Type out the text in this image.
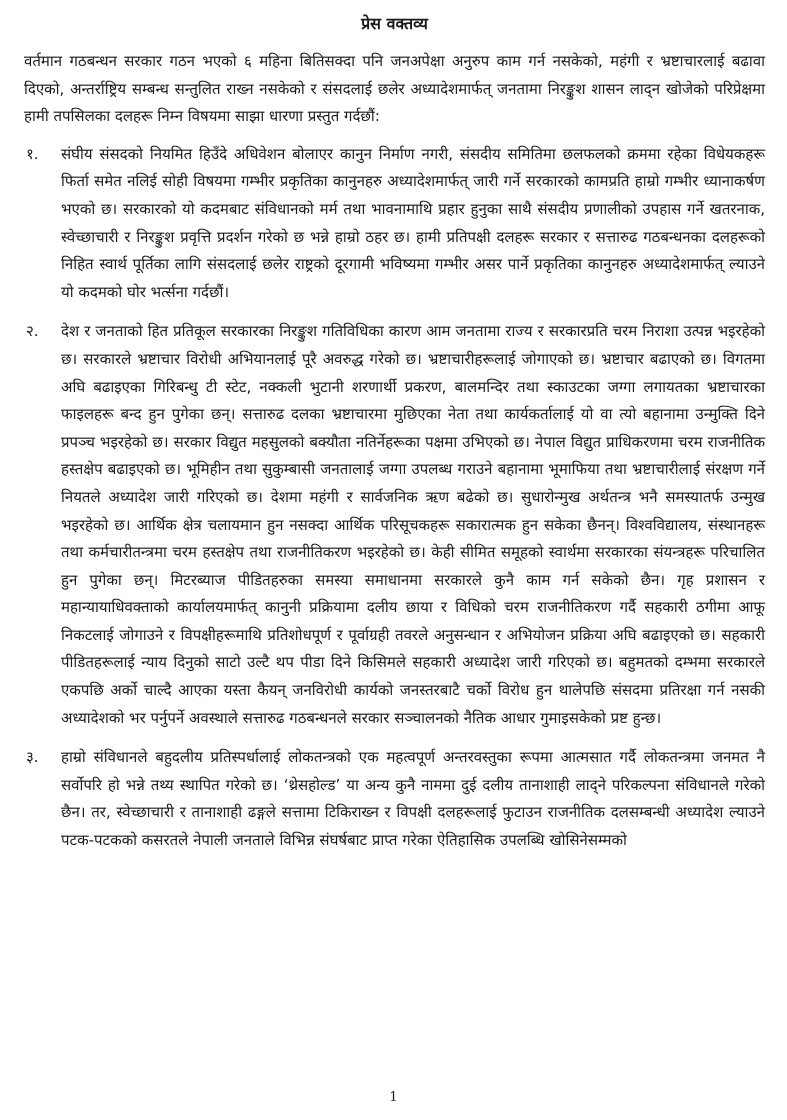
प्रेस वक्तव्य
वर्तमान गठबन्धन सरकार गठन भएको ६ महिना बितिसक्दा पनि जनअपेक्षा अनुरुप काम गर्न नसकेको, महंगी र भ्रष्टाचारलाई बढावा दिएको, अन्तर्राष्ट्रिय सम्बन्ध सन्तुलित राख्न नसकेको र संसदलाई छलेर अध्यादेशमार्फत् जनतामा निरङ्कुश शासन लाद्न खोजेको परिप्रेक्षमा हामी तपसिलका दलहरू निम्न विषयमा साझा धारणा प्रस्तुत गर्दछौं:
१.	संघीय संसदको नियमित हिउँदे अधिवेशन बोलाएर कानुन निर्माण नगरी, संसदीय समितिमा छलफलको क्रममा रहेका विधेयकहरू फिर्ता समेत नलिई सोही विषयमा गम्भीर प्रकृतिका कानुनहरु अध्यादेशमार्फत् जारी गर्ने सरकारको कामप्रति हाम्रो गम्भीर ध्यानाकर्षण भएको छ। सरकारको यो कदमबाट संविधानको मर्म तथा भावनामाथि प्रहार हुनुका साथै संसदीय प्रणालीको उपहास गर्ने खतरनाक, स्वेच्छाचारी र निरङ्कुश प्रवृत्ति प्रदर्शन गरेको छ भन्ने हाम्रो ठहर छ। हामी प्रतिपक्षी दलहरू सरकार र सत्तारुढ गठबन्धनका दलहरूको निहित स्वार्थ पूर्तिका लागि संसदलाई छलेर राष्ट्रको दूरगामी भविष्यमा गम्भीर असर पार्ने प्रकृतिका कानुनहरु अध्यादेशमार्फत् ल्याउने यो कदमको घोर भर्त्सना गर्दछौं।
२.	देश र जनताको हित प्रतिकूल सरकारका निरङ्कुश गतिविधिका कारण आम जनतामा राज्य र सरकारप्रति चरम निराशा उत्पन्न भइरहेको छ। सरकारले भ्रष्टाचार विरोधी अभियानलाई पूरै अवरुद्ध गरेको छ। भ्रष्टाचारीहरूलाई जोगाएको छ। भ्रष्टाचार बढाएको छ। विगतमा अघि बढाइएका गिरिबन्धु टी स्टेट, नक्कली भुटानी शरणार्थी प्रकरण, बालमन्दिर तथा स्काउटका जग्गा लगायतका भ्रष्टाचारका फाइलहरू बन्द हुन पुगेका छन्। सत्तारुढ दलका भ्रष्टाचारमा मुछिएका नेता तथा कार्यकर्तालाई यो वा त्यो बहानामा उन्मुक्ति दिने प्रपञ्च भइरहेको छ। सरकार विद्युत महसुलको बक्यौता नतिर्नेहरूका पक्षमा उभिएको छ। नेपाल विद्युत प्राधिकरणमा चरम राजनीतिक हस्तक्षेप बढाइएको छ। भूमिहीन तथा सुकुम्बासी जनतालाई जग्गा उपलब्ध गराउने बहानामा भूमाफिया तथा भ्रष्टाचारीलाई संरक्षण गर्ने नियतले अध्यादेश जारी गरिएको छ। देशमा महंगी र सार्वजनिक ऋण बढेको छ। सुधारोन्मुख अर्थतन्त्र भनै समस्यातर्फ उन्मुख भइरहेको छ। आर्थिक क्षेत्र चलायमान हुन नसक्दा आर्थिक परिसूचकहरू सकारात्मक हुन सकेका छैनन्। विश्वविद्यालय, संस्थानहरू तथा कर्मचारीतन्त्रमा चरम हस्तक्षेप तथा राजनीतिकरण भइरहेको छ। केही सीमित समूहको स्वार्थमा सरकारका संयन्त्रहरू परिचालित हुन पुगेका छन्। मिटरब्याज पीडितहरुका समस्या समाधानमा सरकारले कुनै काम गर्न सकेको छैन। गृह प्रशासन र महान्यायाधिवक्ताको कार्यालयमार्फत् कानुनी प्रक्रियामा दलीय छाया र विधिको चरम राजनीतिकरण गर्दै सहकारी ठगीमा आफू निकटलाई जोगाउने र विपक्षीहरूमाथि प्रतिशोधपूर्ण र पूर्वाग्रही तवरले अनुसन्धान र अभियोजन प्रक्रिया अघि बढाइएको छ। सहकारी पीडितहरूलाई न्याय दिनुको साटो उल्टै थप पीडा दिने किसिमले सहकारी अध्यादेश जारी गरिएको छ। बहुमतको दम्भमा सरकारले एकपछि अर्को चाल्दै आएका यस्ता कैयन् जनविरोधी कार्यको जनस्तरबाटै चर्को विरोध हुन थालेपछि संसदमा प्रतिरक्षा गर्न नसकी अध्यादेशको भर पर्नुपर्ने अवस्थाले सत्तारुढ गठबन्धनले सरकार सञ्चालनको नैतिक आधार गुमाइसकेको प्रष्ट हुन्छ।
३.	हाम्रो संविधानले बहुदलीय प्रतिस्पर्धालाई लोकतन्त्रको एक महत्वपूर्ण अन्तरवस्तुका रूपमा आत्मसात गर्दै लोकतन्त्रमा जनमत नै सर्वोपरि हो भन्ने तथ्य स्थापित गरेको छ। ‘थ्रेसहोल्ड’ या अन्य कुनै नाममा दुई दलीय तानाशाही लाद्ने परिकल्पना संविधानले गरेको छैन। तर, स्वेच्छाचारी र तानाशाही ढङ्गले सत्तामा टिकिराख्न र विपक्षी दलहरूलाई फुटाउन राजनीतिक दलसम्बन्धी अध्यादेश ल्याउने पटक-पटकको कसरतले नेपाली जनताले विभिन्न संघर्षबाट प्राप्त गरेका ऐतिहासिक उपलब्धि खोसिनेसम्मको
1
